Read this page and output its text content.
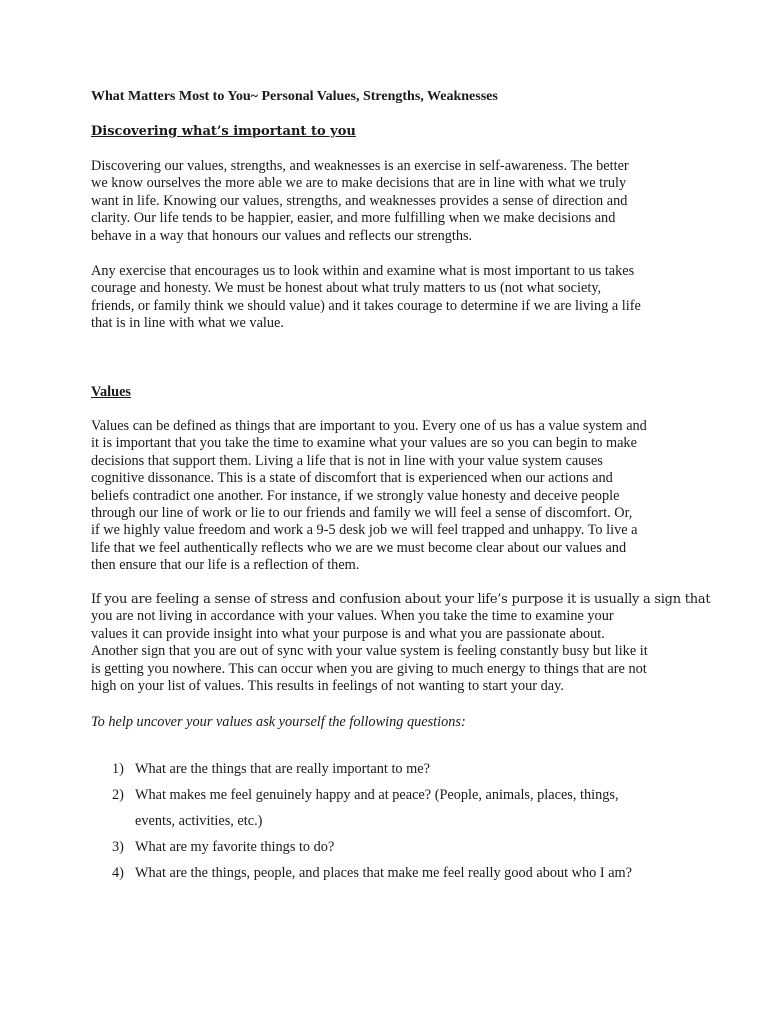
What Matters Most to You~ Personal Values, Strengths, Weaknesses
Discovering what’s important to you

Discovering our values, strengths, and weaknesses is an exercise in self-awareness. The better
we know ourselves the more able we are to make decisions that are in line with what we truly
want in life. Knowing our values, strengths, and weaknesses provides a sense of direction and
clarity. Our life tends to be happier, easier, and more fulfilling when we make decisions and
behave in a way that honours our values and reflects our strengths.

Any exercise that encourages us to look within and examine what is most important to us takes
courage and honesty. We must be honest about what truly matters to us (not what society,
friends, or family think we should value) and it takes courage to determine if we are living a life
that is in line with what we value.

Values

Values can be defined as things that are important to you. Every one of us has a value system and
it is important that you take the time to examine what your values are so you can begin to make
decisions that support them. Living a life that is not in line with your value system causes
cognitive dissonance. This is a state of discomfort that is experienced when our actions and
beliefs contradict one another. For instance, if we strongly value honesty and deceive people
through our line of work or lie to our friends and family we will feel a sense of discomfort. Or,
if we highly value freedom and work a 9-5 desk job we will feel trapped and unhappy. To live a
life that we feel authentically reflects who we are we must become clear about our values and
then ensure that our life is a reflection of them.

If you are feeling a sense of stress and confusion about your life’s purpose it is usually a sign that
you are not living in accordance with your values. When you take the time to examine your
values it can provide insight into what your purpose is and what you are passionate about.
Another sign that you are out of sync with your value system is feeling constantly busy but like it
is getting you nowhere. This can occur when you are giving to much energy to things that are not
high on your list of values. This results in feelings of not wanting to start your day.

To help uncover your values ask yourself the following questions:
1) What are the things that are really important to me?
2) What makes me feel genuinely happy and at peace? (People, animals, places, things,
events, activities, etc.)
3) What are my favorite things to do?
4) What are the things, people, and places that make me feel really good about who I am?
